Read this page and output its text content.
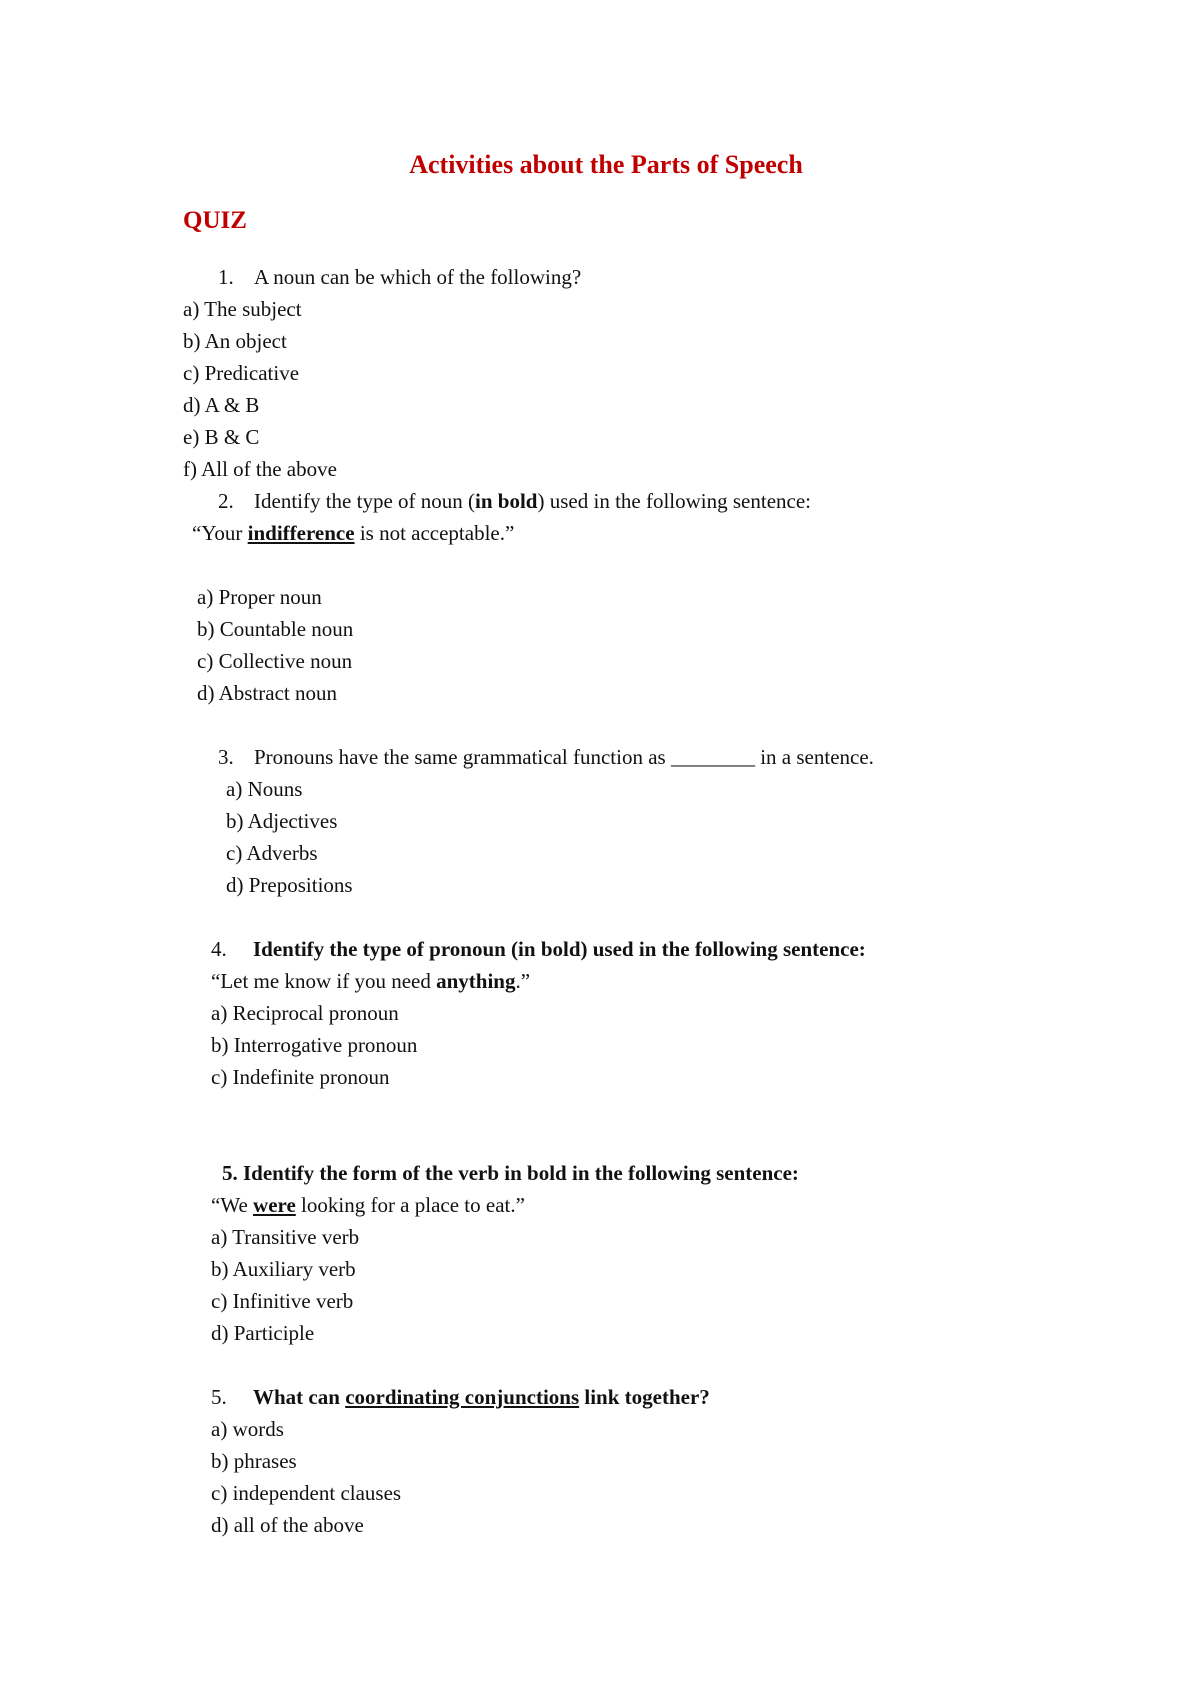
Activities about the Parts of Speech
QUIZ
1. A noun can be which of the following?
a) The subject
b) An object
c) Predicative
d) A & B
e) B & C
f) All of the above
2. Identify the type of noun (in bold) used in the following sentence:
“Your indifference is not acceptable.”
a) Proper noun
b) Countable noun
c) Collective noun
d) Abstract noun
3. Pronouns have the same grammatical function as ________ in a sentence.
a) Nouns
b) Adjectives
c) Adverbs
d) Prepositions
4. Identify the type of pronoun (in bold) used in the following sentence:
“Let me know if you need anything.”
a) Reciprocal pronoun
b) Interrogative pronoun
c) Indefinite pronoun
5. Identify the form of the verb in bold in the following sentence:
“We were looking for a place to eat.”
a) Transitive verb
b) Auxiliary verb
c) Infinitive verb
d) Participle
5. What can coordinating conjunctions link together?
a) words
b) phrases
c) independent clauses
d) all of the above
